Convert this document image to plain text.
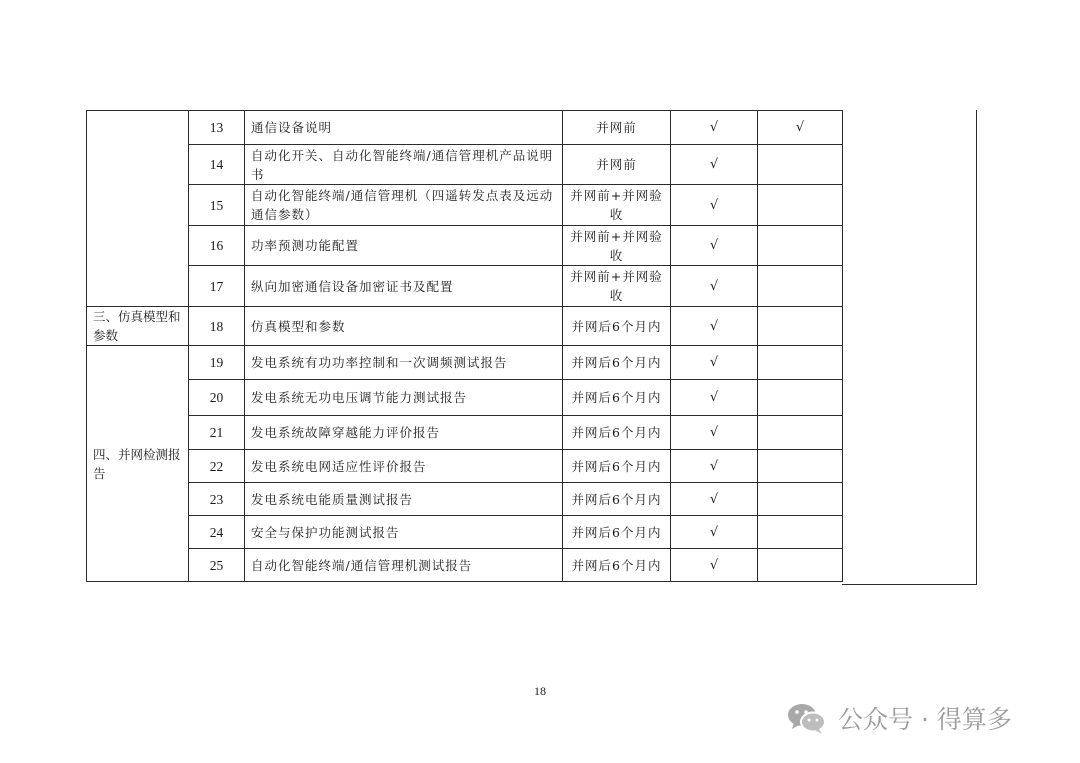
	13	通信设备说明	并网前	√	√
	14	自动化开关、自动化智能终端/通信管理机产品说明书	并网前	√	
	15	自动化智能终端/通信管理机（四遥转发点表及远动通信参数）	并网前+并网验收	√	
	16	功率预测功能配置	并网前+并网验收	√	
	17	纵向加密通信设备加密证书及配置	并网前+并网验收	√	
三、仿真模型和参数	18	仿真模型和参数	并网后6个月内	√	
四、并网检测报告	19	发电系统有功功率控制和一次调频测试报告	并网后6个月内	√	
	20	发电系统无功电压调节能力测试报告	并网后6个月内	√	
	21	发电系统故障穿越能力评价报告	并网后6个月内	√	
	22	发电系统电网适应性评价报告	并网后6个月内	√	
	23	发电系统电能质量测试报告	并网后6个月内	√	
	24	安全与保护功能测试报告	并网后6个月内	√	
	25	自动化智能终端/通信管理机测试报告	并网后6个月内	√	
18
公众号 · 得算多
